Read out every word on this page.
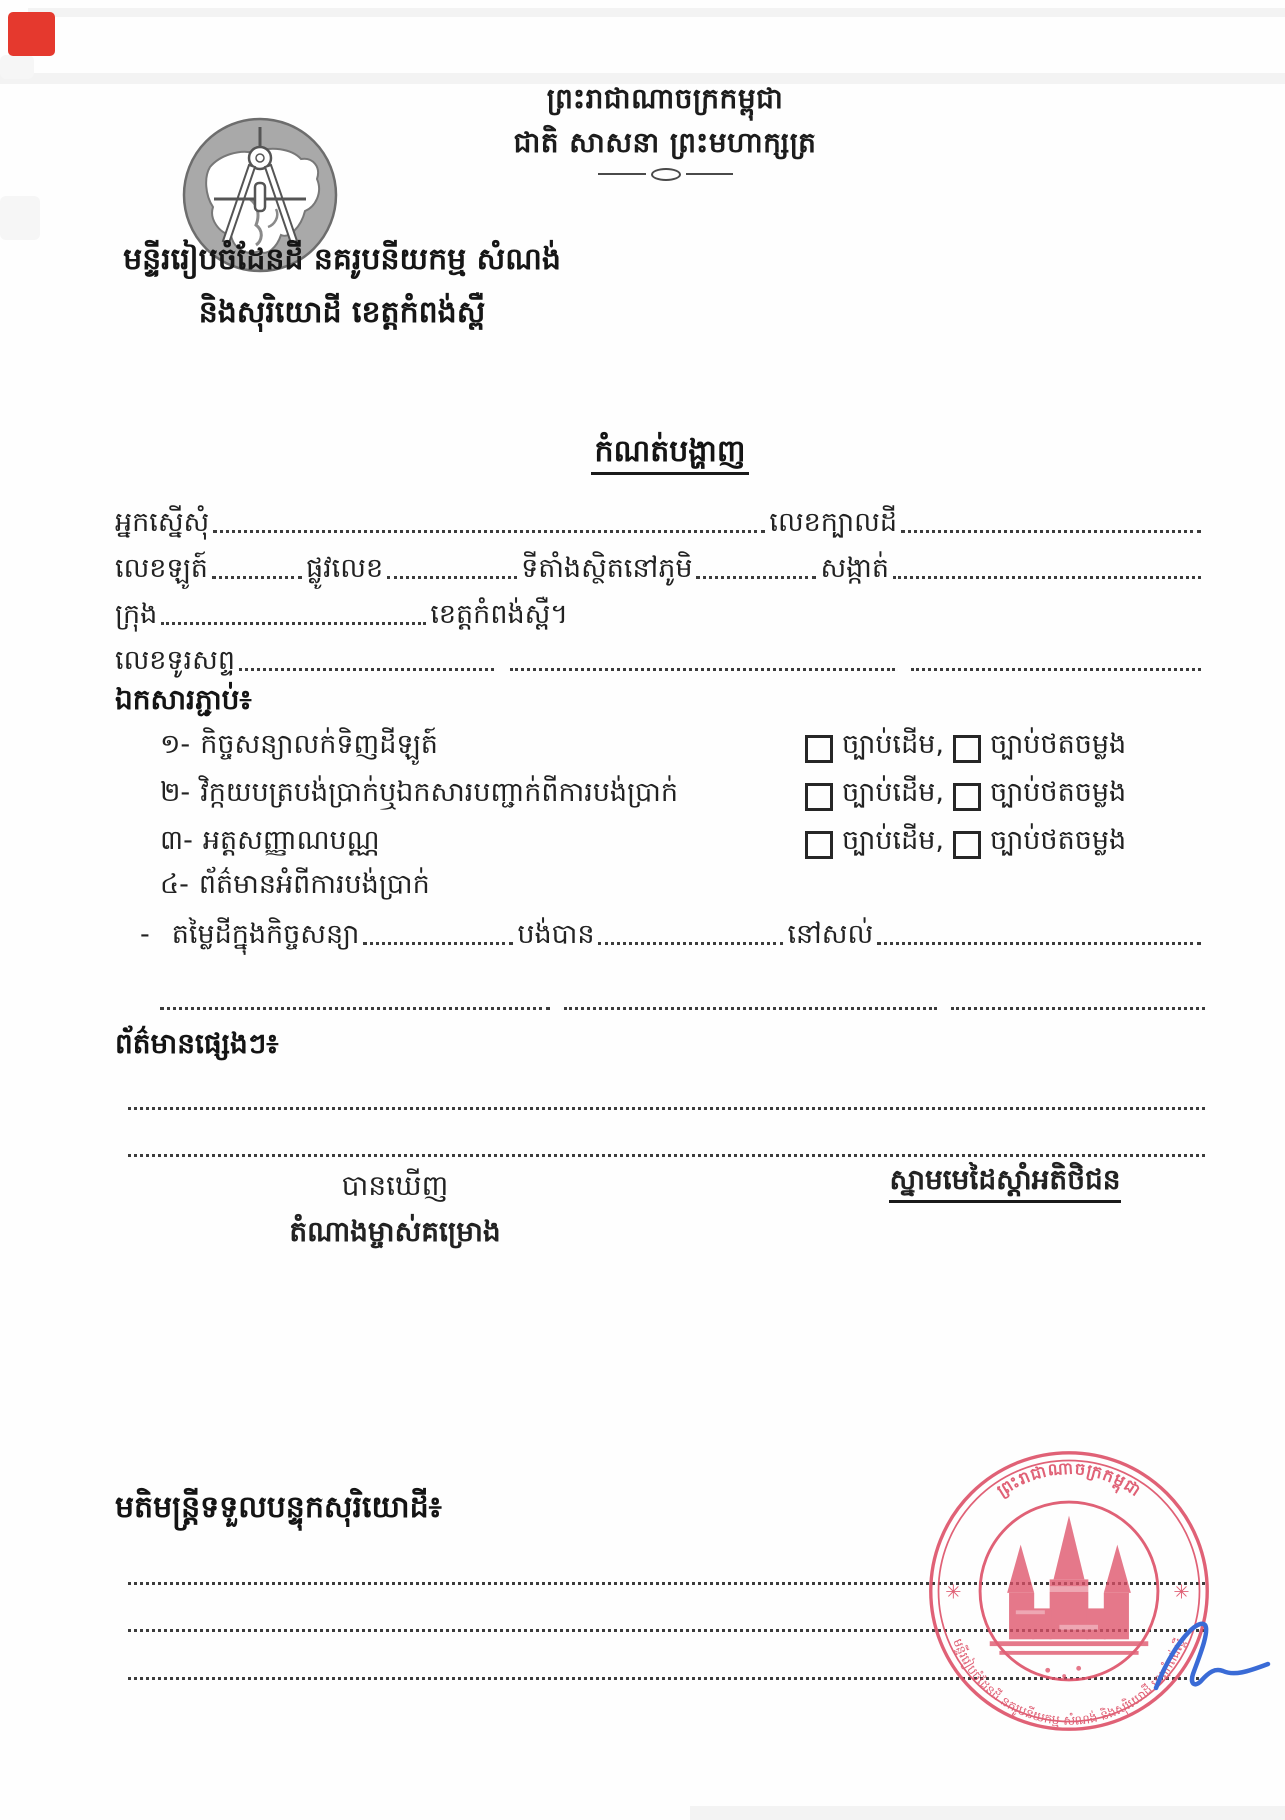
ព្រះរាជាណាចក្រកម្ពុជា
ជាតិ សាសនា ព្រះមហាក្សត្រ
មន្ទីររៀបចំដែនដី នគរូបនីយកម្ម សំណង់
និងសុរិយោដី ខេត្តកំពង់ស្ពឺ
កំណត់បង្ហាញ
អ្នកស្នើសុំ	លេខក្បាលដី
លេខឡូត៍	ផ្លូវលេខ	ទីតាំងស្ថិតនៅភូមិ	សង្កាត់
ក្រុង	ខេត្តកំពង់ស្ពឺ។
លេខទូរសព្ទ
ឯកសារភ្ជាប់៖
១- កិច្ចសន្យាលក់ទិញដីឡូត៍	ច្បាប់ដើម, ច្បាប់ថតចម្លង
២- វិក្កយបត្របង់ប្រាក់ឬឯកសារបញ្ជាក់ពីការបង់ប្រាក់	ច្បាប់ដើម, ច្បាប់ថតចម្លង
៣- អត្តសញ្ញាណបណ្ណ	ច្បាប់ដើម, ច្បាប់ថតចម្លង
៤- ព័ត៌មានអំពីការបង់ប្រាក់
- តម្លៃដីក្នុងកិច្ចសន្យា	បង់បាន	នៅសល់
ព័ត៌មានផ្សេងៗ៖
បានឃើញ	ស្នាមមេដៃស្តាំអតិថិជន
តំណាងម្ចាស់គម្រោង
មតិមន្ត្រីទទួលបន្ទុកសុរិយោដី៖
ព្រះរាជាណាចក្រកម្ពុជា
មន្ទីររៀបចំដែនដី នគរូបនីយកម្ម សំណង់ និងសុរិយោដី ខេត្តកំពង់ស្ពឺ
✳	✳
